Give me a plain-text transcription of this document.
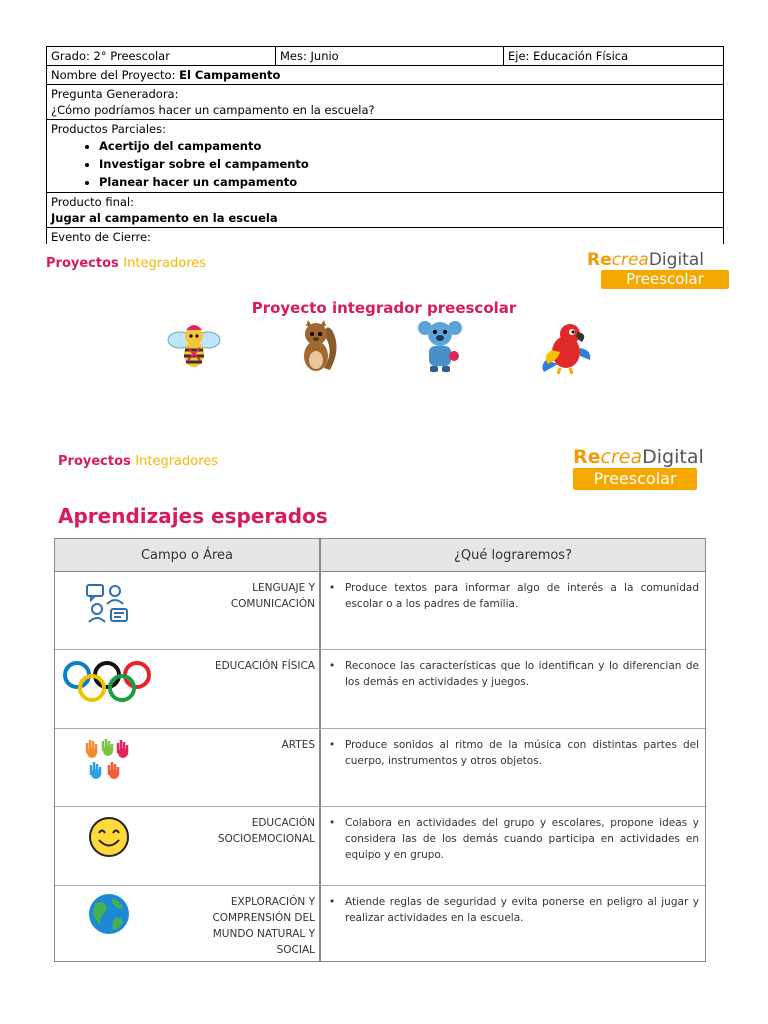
Grado: 2° Preescolar	Mes: Junio	Eje: Educación Física
Nombre del Proyecto: El Campamento
Pregunta Generadora:
¿Cómo podríamos hacer un campamento en la escuela?
Productos Parciales:
• Acertijo del campamento
• Investigar sobre el campamento
• Planear hacer un campamento
Producto final:
Jugar al campamento en la escuela
Evento de Cierre:
Proyectos Integradores	RecreaDigital
Preescolar
Proyecto integrador preescolar
Proyectos Integradores	RecreaDigital
Preescolar
Aprendizajes esperados
Campo o Área	¿Qué lograremos?
LENGUAJE Y COMUNICACIÓN
• Produce textos para informar algo de interés a la comunidad escolar o a los padres de familia.
EDUCACIÓN FÍSICA • Reconoce las características que lo identifican y lo diferencian de los demás en actividades y juegos.
ARTES • Produce sonidos al ritmo de la música con distintas partes del cuerpo, instrumentos y otros objetos.
EDUCACIÓN SOCIOEMOCIONAL
• Colabora en actividades del grupo y escolares, propone ideas y considera las de los demás cuando participa en actividades en equipo y en grupo.
EXPLORACIÓN Y COMPRENSIÓN DEL MUNDO NATURAL Y SOCIAL
• Atiende reglas de seguridad y evita ponerse en peligro al jugar y realizar actividades en la escuela.
